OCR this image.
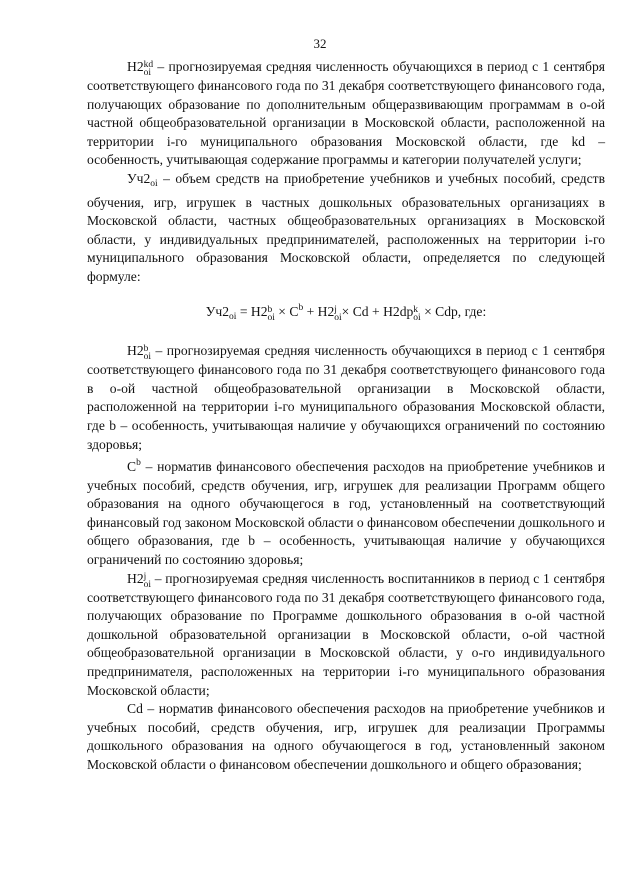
32

Н2 kd
oi – прогнозируемая средняя численность обучающихся в период с 1 сентября соответствующего финансового года по 31 декабря соответствующего финансового года, получающих образование по дополнительным общеразвивающим программам в о-ой частной общеобразовательной организации в Московской области, расположенной на территории i-го муниципального образования Московской области, где kd – особенность, учитывающая содержание программы и категории получателей услуги;

$Уч2_{oi}$ – объем средств на приобретение учебников и учебных пособий, средств обучения, игр, игрушек в частных дошкольных образовательных организациях в Московской области, частных общеобразовательных организациях в Московской области, у индивидуальных предпринимателей, расположенных на территории i-го муниципального образования Московской области, определяется по следующей формуле:

$Уч2_{oi} = Н2$ b
oi × $С^b + Н2$ j
oi × Cd + H2dp k
oi × Cdp, где:

Н2 b
oi – прогнозируемая средняя численность обучающихся в период с 1 сентября соответствующего финансового года по 31 декабря соответствующего финансового года в о-ой частной общеобразовательной организации в Московской области, расположенной на территории i-го муниципального образования Московской области, где b – особенность, учитывающая наличие у обучающихся ограничений по состоянию здоровья;

$С^b$ – норматив финансового обеспечения расходов на приобретение учебников и учебных пособий, средств обучения, игр, игрушек для реализации Программ общего образования на одного обучающегося в год, установленный на соответствующий финансовый год законом Московской области о финансовом обеспечении дошкольного и общего образования, где b – особенность, учитывающая наличие у обучающихся ограничений по состоянию здоровья;

Н2 j
oi – прогнозируемая средняя численность воспитанников в период с 1 сентября соответствующего финансового года по 31 декабря соответствующего финансового года, получающих образование по Программе дошкольного образования в о-ой частной дошкольной образовательной организации в Московской области, о-ой частной общеобразовательной организации в Московской области, у о-го индивидуального предпринимателя, расположенных на территории i-го муниципального образования Московской области;

Cd – норматив финансового обеспечения расходов на приобретение учебников и учебных пособий, средств обучения, игр, игрушек для реализации Программы дошкольного образования на одного обучающегося в год, установленный законом Московской области о финансовом обеспечении дошкольного и общего образования;
